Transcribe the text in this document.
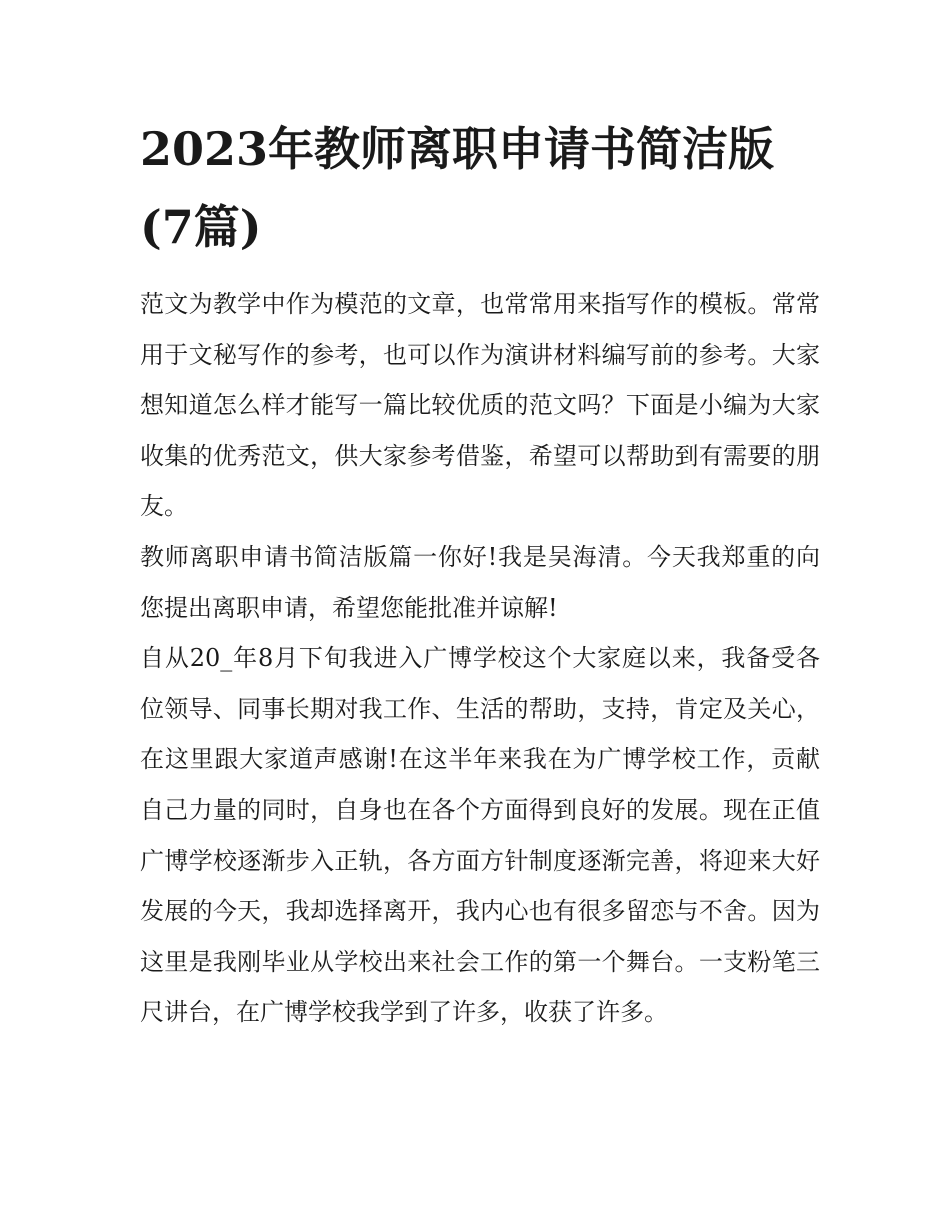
2023年教师离职申请书简洁版(7篇)

范文为教学中作为模范的文章，也常常用来指写作的模板。常常用于文秘写作的参考，也可以作为演讲材料编写前的参考。大家想知道怎么样才能写一篇比较优质的范文吗？下面是小编为大家收集的优秀范文，供大家参考借鉴，希望可以帮助到有需要的朋友。

教师离职申请书简洁版篇一你好!我是吴海清。今天我郑重的向您提出离职申请，希望您能批准并谅解!

自从20_年8月下旬我进入广博学校这个大家庭以来，我备受各位领导、同事长期对我工作、生活的帮助，支持，肯定及关心，在这里跟大家道声感谢!在这半年来我在为广博学校工作，贡献自己力量的同时，自身也在各个方面得到良好的发展。现在正值广博学校逐渐步入正轨，各方面方针制度逐渐完善，将迎来大好发展的今天，我却选择离开，我内心也有很多留恋与不舍。因为这里是我刚毕业从学校出来社会工作的第一个舞台。一支粉笔三尺讲台，在广博学校我学到了许多，收获了许多。
